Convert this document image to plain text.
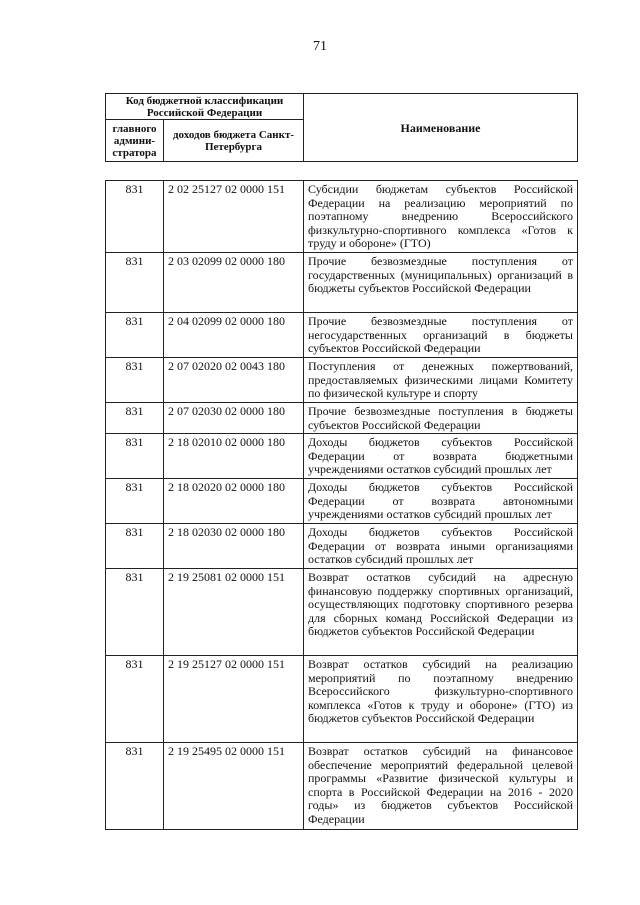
71
Код бюджетной классификации Российской Федерации		Наименование
главного админи-стратора	доходов бюджета Санкт-Петербурга	
831	2 02 25127 02 0000 151	Субсидии бюджетам субъектов Российской Федерации на реализацию мероприятий по поэтапному внедрению Всероссийского физкультурно-спортивного комплекса «Готов к труду и обороне» (ГТО)
831	2 03 02099 02 0000 180	Прочие безвозмездные поступления от государственных (муниципальных) организаций в бюджеты субъектов Российской Федерации
831	2 04 02099 02 0000 180	Прочие безвозмездные поступления от негосударственных организаций в бюджеты субъектов Российской Федерации
831	2 07 02020 02 0043 180	Поступления от денежных пожертвований, предоставляемых физическими лицами Комитету по физической культуре и спорту
831	2 07 02030 02 0000 180	Прочие безвозмездные поступления в бюджеты субъектов Российской Федерации
831	2 18 02010 02 0000 180	Доходы бюджетов субъектов Российской Федерации от возврата бюджетными учреждениями остатков субсидий прошлых лет
831	2 18 02020 02 0000 180	Доходы бюджетов субъектов Российской Федерации от возврата автономными учреждениями остатков субсидий прошлых лет
831	2 18 02030 02 0000 180	Доходы бюджетов субъектов Российской Федерации от возврата иными организациями остатков субсидий прошлых лет
831	2 19 25081 02 0000 151	Возврат остатков субсидий на адресную финансовую поддержку спортивных организаций, осуществляющих подготовку спортивного резерва для сборных команд Российской Федерации из бюджетов субъектов Российской Федерации
831	2 19 25127 02 0000 151	Возврат остатков субсидий на реализацию мероприятий по поэтапному внедрению Всероссийского физкультурно-спортивного комплекса «Готов к труду и обороне» (ГТО) из бюджетов субъектов Российской Федерации
831	2 19 25495 02 0000 151	Возврат остатков субсидий на финансовое обеспечение мероприятий федеральной целевой программы «Развитие физической культуры и спорта в Российской Федерации на 2016 - 2020 годы» из бюджетов субъектов Российской Федерации
